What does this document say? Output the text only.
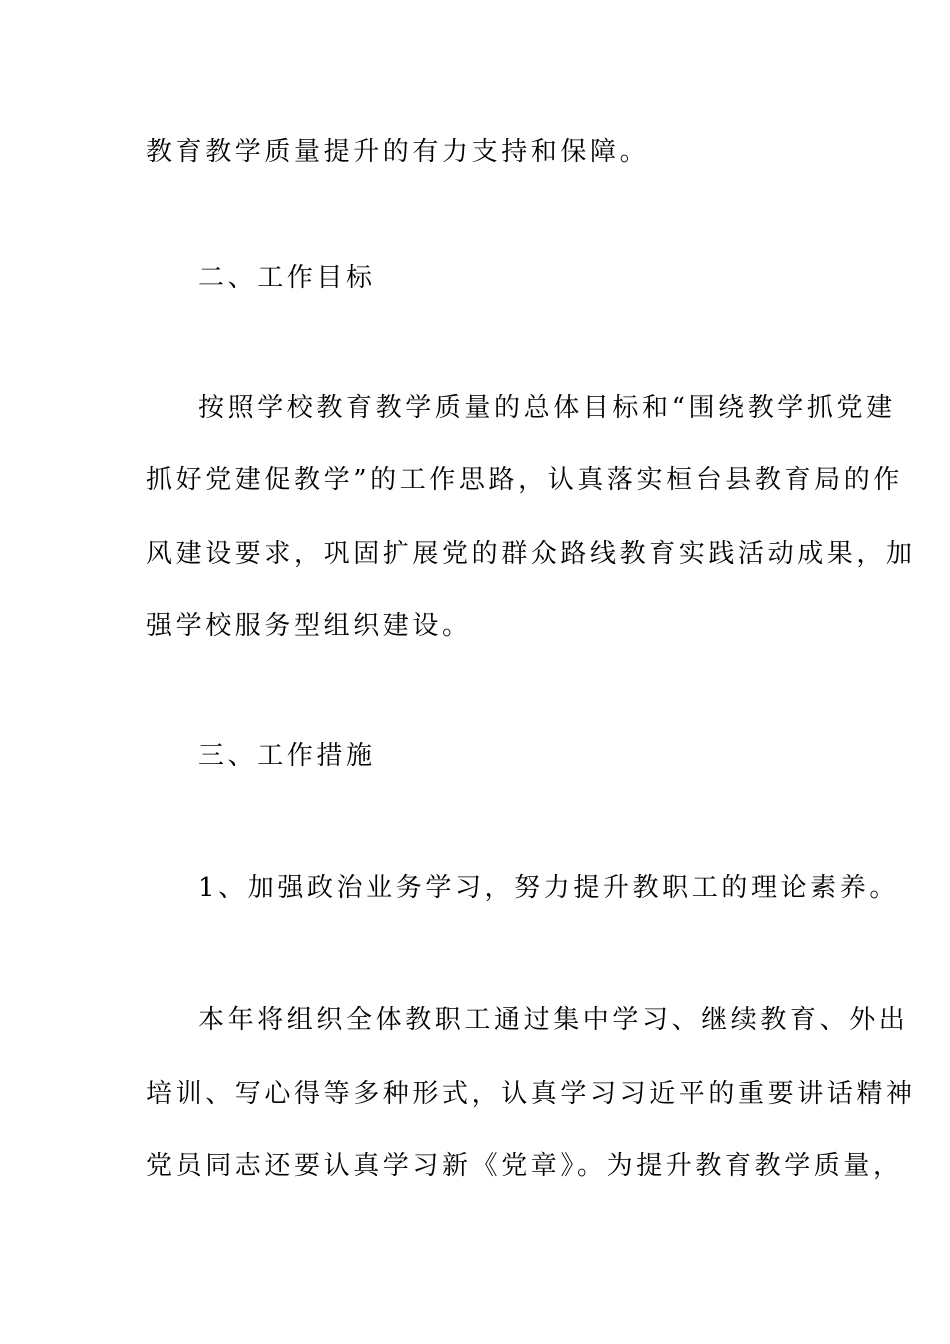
教育教学质量提升的有力支持和保障。
二、工作目标
按照学校教育教学质量的总体目标和“围绕教学抓党建
抓好党建促教学”的工作思路，认真落实桓台县教育局的作
风建设要求，巩固扩展党的群众路线教育实践活动成果，加
强学校服务型组织建设。
三、工作措施
1、加强政治业务学习，努力提升教职工的理论素养。
本年将组织全体教职工通过集中学习、继续教育、外出
培训、写心得等多种形式，认真学习习近平的重要讲话精神
党员同志还要认真学习新《党章》。为提升教育教学质量，
